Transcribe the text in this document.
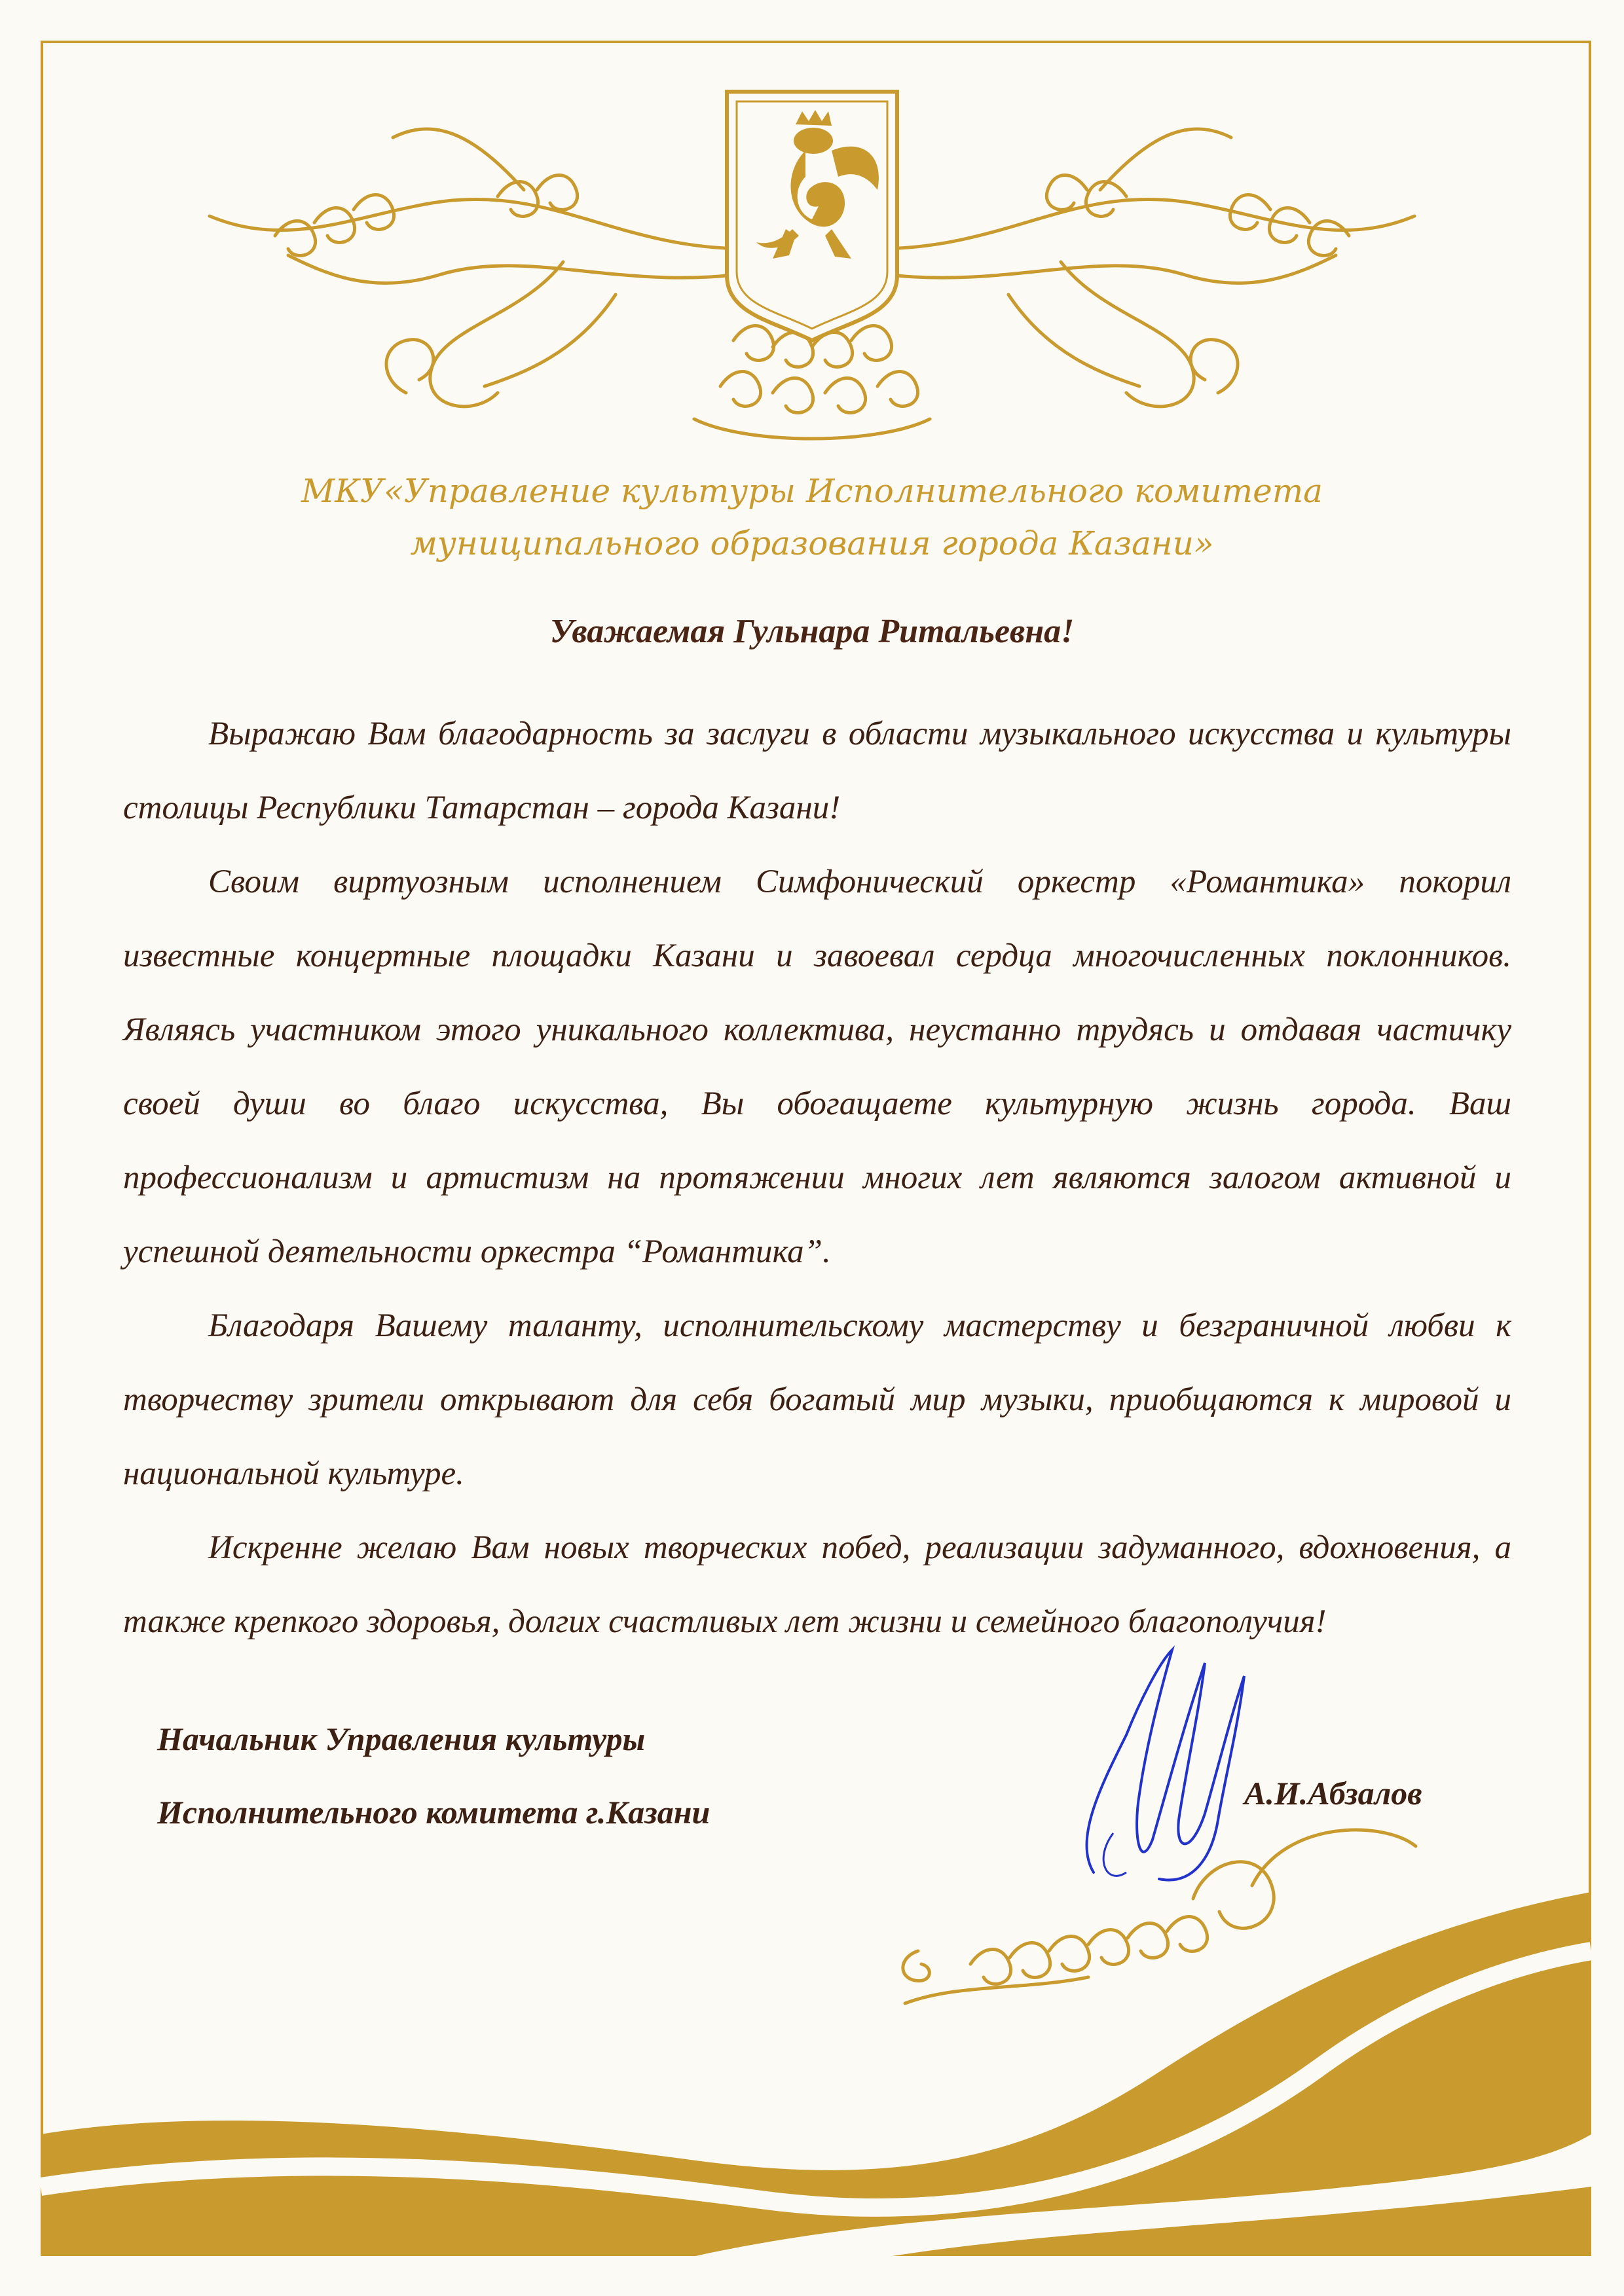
МКУ«Управление культуры Исполнительного комитета
муниципального образования города Казани»
Уважаемая Гульнара Ритальевна!

Выражаю Вам благодарность за заслуги в области музыкального искусства и культуры столицы Республики Татарстан – города Казани!

Своим виртуозным исполнением Симфонический оркестр «Романтика» покорил известные концертные площадки Казани и завоевал сердца многочисленных поклонников. Являясь участником этого уникального коллектива, неустанно трудясь и отдавая частичку своей души во благо искусства, Вы обогащаете культурную жизнь города. Ваш профессионализм и артистизм на протяжении многих лет являются залогом активной и успешной деятельности оркестра “Романтика”.

Благодаря Вашему таланту, исполнительскому мастерству и безграничной любви к творчеству зрители открывают для себя богатый мир музыки, приобщаются к мировой и национальной культуре.

Искренне желаю Вам новых творческих побед, реализации задуманного, вдохновения, а также крепкого здоровья, долгих счастливых лет жизни и семейного благополучия!

Начальник Управления культуры
Исполнительного комитета г.Казани
А.И.Абзалов
